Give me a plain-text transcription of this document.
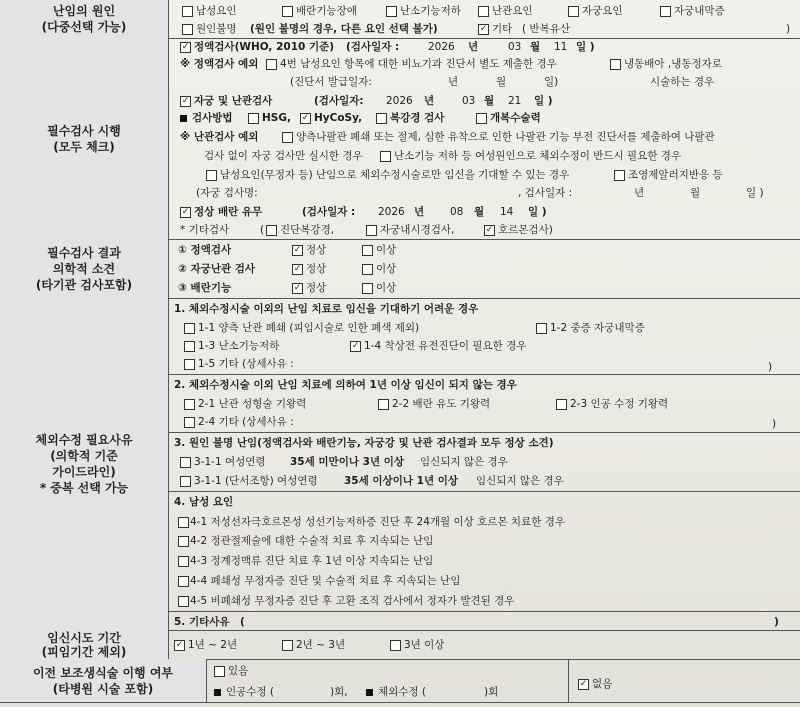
난임의 원인
(다중선택 가능)
남성요인	배란기능장애	난소기능저하	난관요인	자궁요인	자궁내막증
원인불명 (원인 불명의 경우, 다른 요인 선택 불가) ✓	기타 ( 반복유산	)
필수검사 시행
(모두 체크)
✓
정액검사(WHO, 2010 기준) (검사일자 :	2026 년	03 월 11 일 )
※ 정액검사 예외 4번 남성요인 항목에 대한 비뇨기과 진단서 별도 제출한 경우	냉동배아 ,냉동정자로
(진단서 발급일자:	년	월	일)	시술하는 경우
✓
자궁 및 난관검사	(검사일자: 2026 년	03 월 21 일 )
검사방법	HSG, ✓ HyCoSy,	복강경 검사	개복수술력
※ 난관검사 예외	양측나팔관 폐쇄 또는 절제, 심한 유착으로 인한 나팔관 기능 부전 진단서를 제출하여 나팔관
검사 없이 자궁 검사만 실시한 경우	난소기능 저하 등 여성원인으로 체외수정이 반드시 필요한 경우
남성요인(무정자 등) 난임으로 체외수정시술로만 임신을 기대할 수 있는 경우	조영제알러지반응 등
(자궁 검사명:	, 검사일자 :	년	월	일 )
✓
정상 배란 유무	(검사일자 : 2026 년 08 월 14 일 )
* 기타검사	( 진단복강경,	자궁내시경검사, ✓	호르몬검사)
필수검사 결과
의학적 소견
(타기관 검사포함)
① 정액검사 ✓	정상	이상
② 자궁난관 검사 ✓	정상	이상
③ 배란기능 ✓	정상	이상
체외수정 필요사유
(의학적 기준
가이드라인)
* 중복 선택 가능
1. 체외수정시술 이외의 난임 치료로 임신을 기대하기 어려운 경우
1-1 양측 난관 폐쇄 (피임시술로 인한 폐색 제외)	1-2 중증 자궁내막증
1-3 난소기능저하 ✓	1-4 착상전 유전진단이 필요한 경우
1-5 기타 (상세사유 :	)
2. 체외수정시술 이외 난임 치료에 의하여 1년 이상 임신이 되지 않는 경우
2-1 난관 성형술 기왕력	2-2 배란 유도 기왕력	2-3 인공 수정 기왕력
2-4 기타 (상세사유 :	)
3. 원인 불명 난임(정액검사와 배란기능, 자궁강 및 난관 검사결과 모두 정상 소견)
3-1-1 여성연령 35세 미만이나 3년 이상 임신되지 않은 경우
3-1-1 (단서조항) 여성연령	35세 이상이나 1년 이상 임신되지 않은 경우
4. 남성 요인
4-1 저성선자극호르몬성 성선기능저하증 진단 후 24개월 이상 호르몬 치료한 경우
4-2 정관절제술에 대한 수술적 치료 후 지속되는 난임
4-3 정계정맥류 진단 치료 후 1년 이상 지속되는 난임
4-4 폐쇄성 무정자증 진단 및 수술적 치료 후 지속되는 난임
4-5 비폐쇄성 무정자증 진단 후 고환 조직 검사에서 정자가 발견된 경우
5. 기타사유 (	)
임신시도 기간
(피임기간 제외) ✓	1년 ~ 2년	2년 ~ 3년	3년 이상
이전 보조생식술 이행 여부
(타병원 시술 포함)
있음
인공수정 (	)회,	체외수정 (	)회
✓
없음
